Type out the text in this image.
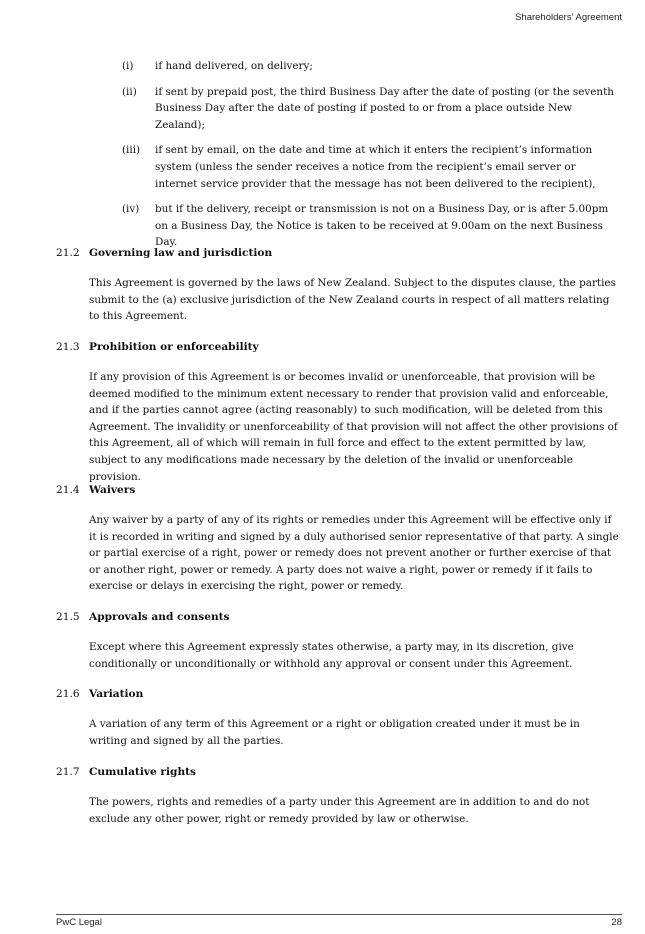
Shareholders' Agreement
(i) if hand delivered, on delivery;
(ii) if sent by prepaid post, the third Business Day after the date of posting (or the seventh Business Day after the date of posting if posted to or from a place outside New Zealand);
(iii) if sent by email, on the date and time at which it enters the recipient’s information system (unless the sender receives a notice from the recipient’s email server or internet service provider that the message has not been delivered to the recipient),
(iv) but if the delivery, receipt or transmission is not on a Business Day, or is after 5.00pm on a Business Day, the Notice is taken to be received at 9.00am on the next Business Day.
21.2 Governing law and jurisdiction
This Agreement is governed by the laws of New Zealand. Subject to the disputes clause, the parties submit to the (a) exclusive jurisdiction of the New Zealand courts in respect of all matters relating to this Agreement.
21.3 Prohibition or enforceability
If any provision of this Agreement is or becomes invalid or unenforceable, that provision will be deemed modified to the minimum extent necessary to render that provision valid and enforceable, and if the parties cannot agree (acting reasonably) to such modification, will be deleted from this Agreement. The invalidity or unenforceability of that provision will not affect the other provisions of this Agreement, all of which will remain in full force and effect to the extent permitted by law, subject to any modifications made necessary by the deletion of the invalid or unenforceable provision.
21.4 Waivers
Any waiver by a party of any of its rights or remedies under this Agreement will be effective only if it is recorded in writing and signed by a duly authorised senior representative of that party. A single or partial exercise of a right, power or remedy does not prevent another or further exercise of that or another right, power or remedy. A party does not waive a right, power or remedy if it fails to exercise or delays in exercising the right, power or remedy.
21.5 Approvals and consents
Except where this Agreement expressly states otherwise, a party may, in its discretion, give conditionally or unconditionally or withhold any approval or consent under this Agreement.
21.6 Variation
A variation of any term of this Agreement or a right or obligation created under it must be in writing and signed by all the parties.
21.7 Cumulative rights
The powers, rights and remedies of a party under this Agreement are in addition to and do not exclude any other power, right or remedy provided by law or otherwise.
PwC Legal	28
